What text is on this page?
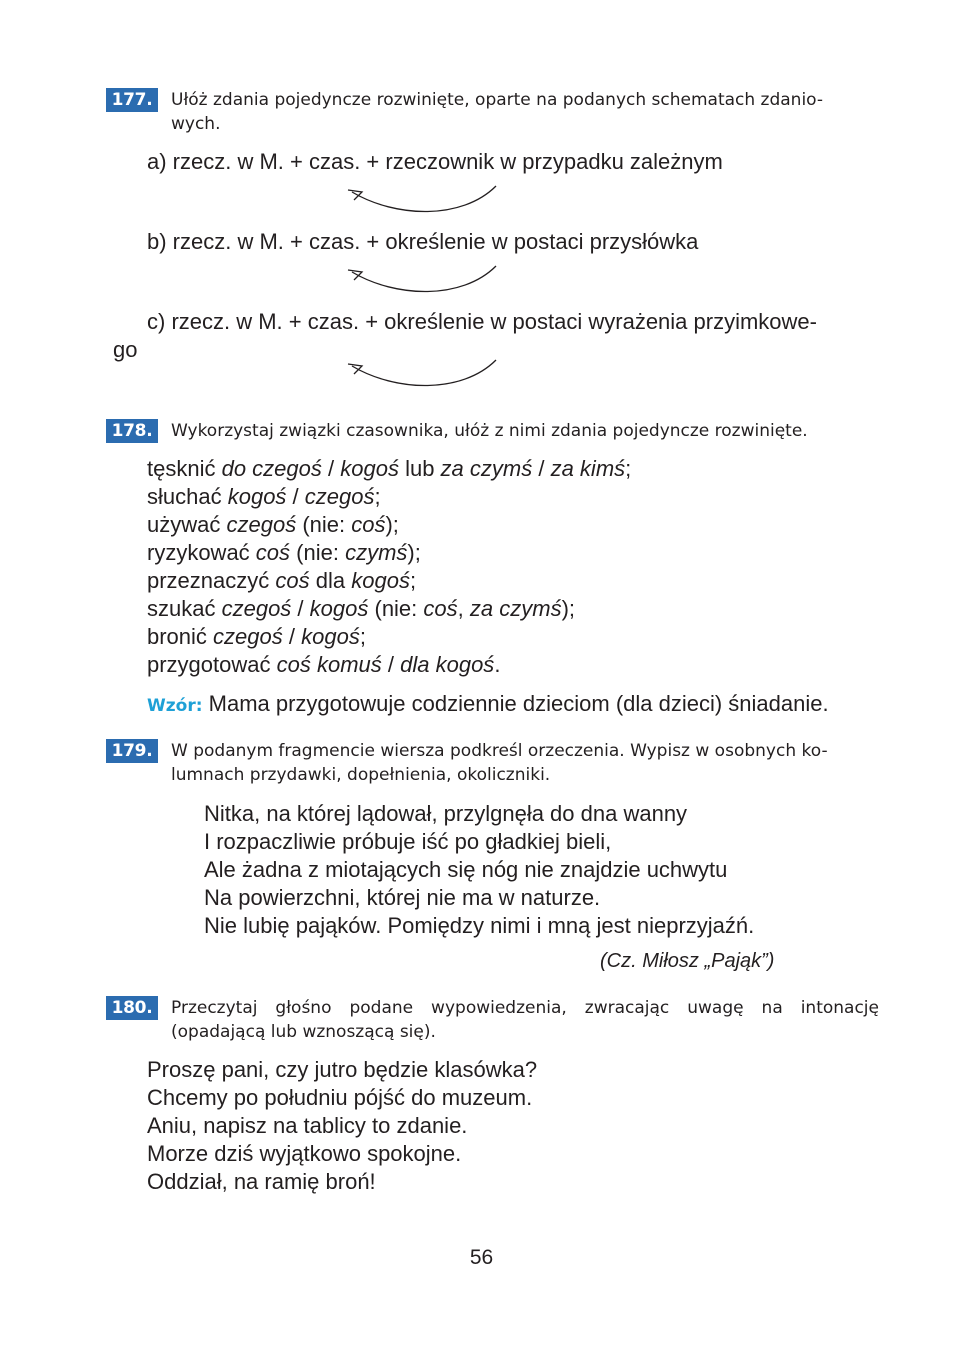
177.	Ułóż zdania pojedyncze rozwinięte, oparte na podanych schematach zdanio-
wych.
a) rzecz. w M. + czas. + rzeczownik w przypadku zależnym
b) rzecz. w M. + czas. + określenie w postaci przysłówka
c) rzecz. w M. + czas. + określenie w postaci wyrażenia przyimkowe-
go
178.	Wykorzystaj związki czasownika, ułóż z nimi zdania pojedyncze rozwinięte.
tęsknić do czegoś / kogoś lub za czymś / za kimś;
słuchać kogoś / czegoś;
używać czegoś (nie: coś);
ryzykować coś (nie: czymś);
przeznaczyć coś dla kogoś;
szukać czegoś / kogoś (nie: coś, za czymś);
bronić czegoś / kogoś;
przygotować coś komuś / dla kogoś.
Wzór: Mama przygotowuje codziennie dzieciom (dla dzieci) śniadanie.
179.	W podanym fragmencie wiersza podkreśl orzeczenia. Wypisz w osobnych ko-
lumnach przydawki, dopełnienia, okoliczniki.
Nitka, na której lądował, przylgnęła do dna wanny
I rozpaczliwie próbuje iść po gładkiej bieli,
Ale żadna z miotających się nóg nie znajdzie uchwytu
Na powierzchni, której nie ma w naturze.
Nie lubię pająków. Pomiędzy nimi i mną jest nieprzyjaźń.
(Cz. Miłosz „Pająk”)
180.	Przeczytaj głośno podane wypowiedzenia, zwracając uwagę na intonację
(opadającą lub wznoszącą się).
Proszę pani, czy jutro będzie klasówka?
Chcemy po południu pójść do muzeum.
Aniu, napisz na tablicy to zdanie.
Morze dziś wyjątkowo spokojne.
Oddział, na ramię broń!
56
